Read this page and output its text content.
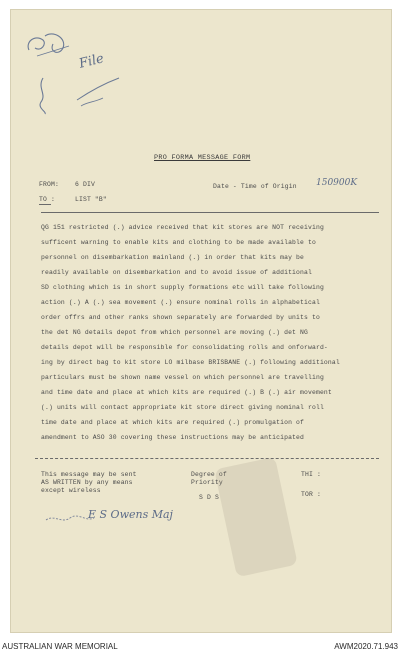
File
PRO FORMA MESSAGE FORM
FROM:	6 DIV	Date - Time of Origin 150900K
TO :	LIST "B"
QG 151 restricted (.) advice received that kit stores are NOT receiving
sufficent warning to enable kits and clothing to be made available to
personnel on disembarkation mainland (.) in order that kits may be
readily available on disembarkation and to avoid issue of additional
SD clothing which is in short supply formations etc will take following
action (.) A (.) sea movement (.) ensure nominal rolls in alphabetical
order offrs and other ranks shown separately are forwarded by units to
the det NG details depot from which personnel are moving (.) det NG
details depot will be responsible for consolidating rolls and onforward-
ing by direct bag to kit store LO milbase BRISBANE (.) following additional
particulars must be shown name vessel on which personnel are travelling
and time date and place at which kits are required (.) B (.) air movement
(.) units will contact appropriate kit store direct giving nominal roll
time date and place at which kits are required (.) promulgation of
amendment to ASO 30 covering these instructions may be anticipated
This message may be sent
AS WRITTEN by any means
except wireless
Degree of
Priority
S D S
THI :
TOR :
E S Owens Maj
AUSTRALIAN WAR MEMORIAL	AWM2020.71.943
